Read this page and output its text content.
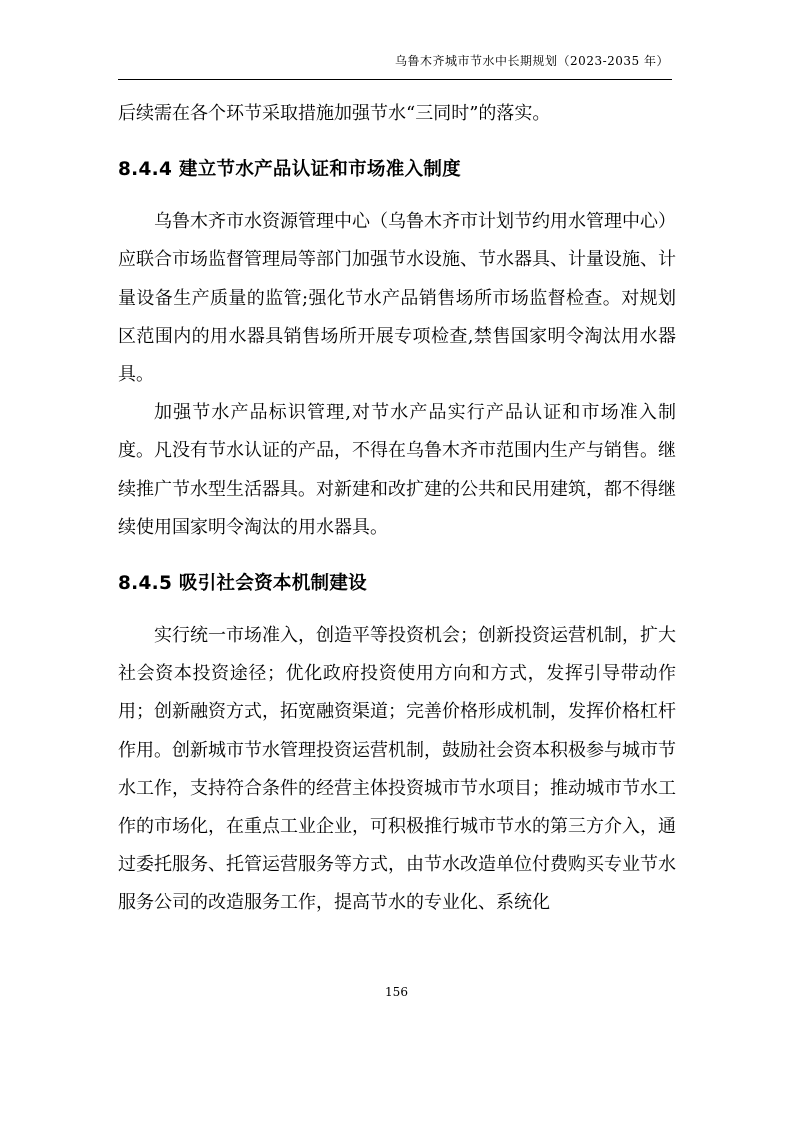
乌鲁木齐城市节水中长期规划（2023-2035 年）

后续需在各个环节采取措施加强节水“三同时”的落实。

8.4.4 建立节水产品认证和市场准入制度

乌鲁木齐市水资源管理中心（乌鲁木齐市计划节约用水管理中心）应联合市场监督管理局等部门加强节水设施、节水器具、计量设施、计量设备生产质量的监管;强化节水产品销售场所市场监督检查。对规划区范围内的用水器具销售场所开展专项检查,禁售国家明令淘汰用水器具。

加强节水产品标识管理,对节水产品实行产品认证和市场准入制度。凡没有节水认证的产品，不得在乌鲁木齐市范围内生产与销售。继续推广节水型生活器具。对新建和改扩建的公共和民用建筑，都不得继续使用国家明令淘汰的用水器具。

8.4.5 吸引社会资本机制建设

实行统一市场准入，创造平等投资机会；创新投资运营机制，扩大社会资本投资途径；优化政府投资使用方向和方式，发挥引导带动作用；创新融资方式，拓宽融资渠道；完善价格形成机制，发挥价格杠杆作用。创新城市节水管理投资运营机制，鼓励社会资本积极参与城市节水工作，支持符合条件的经营主体投资城市节水项目；推动城市节水工作的市场化，在重点工业企业，可积极推行城市节水的第三方介入，通过委托服务、托管运营服务等方式，由节水改造单位付费购买专业节水服务公司的改造服务工作，提高节水的专业化、系统化

156
